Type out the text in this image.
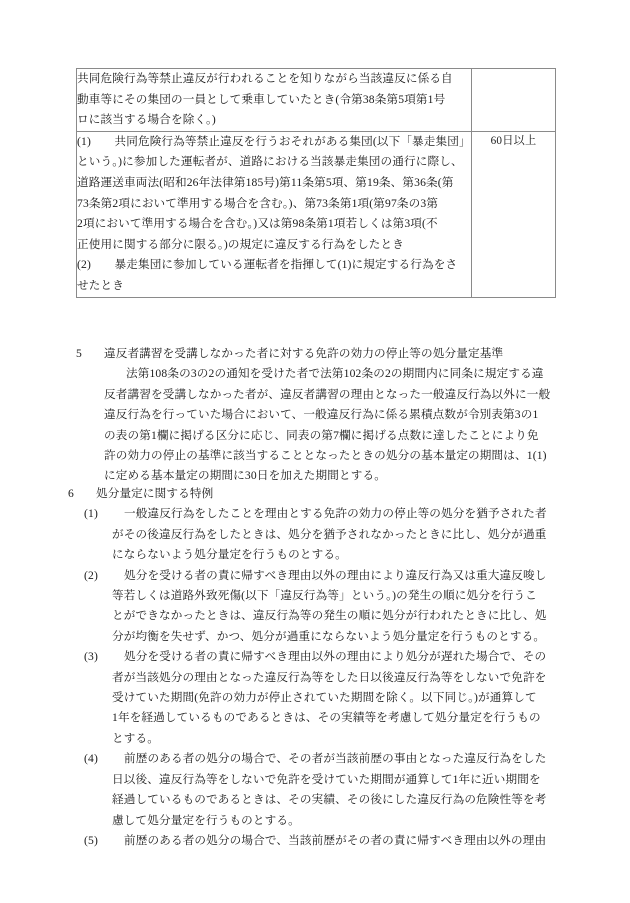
共同危険行為等禁止違反が行われることを知りながら当該違反に係る自
動車等にその集団の一員として乗車していたとき(令第38条第5項第1号
ロに該当する場合を除く。)	

(1)　　共同危険行為等禁止違反を行うおそれがある集団(以下「暴走集団」
という。)に参加した運転者が、道路における当該暴走集団の通行に際し、
道路運送車両法(昭和26年法律第185号)第11条第5項、第19条、第36条(第
73条第2項において準用する場合を含む。)、第73条第1項(第97条の3第
2項において準用する場合を含む。)又は第98条第1項若しくは第3項(不
正使用に関する部分に限る。)の規定に違反する行為をしたとき
(2)　　暴走集団に参加している運転者を指揮して(1)に規定する行為をさ
せたとき
	60日以上
5 違反者講習を受講しなかった者に対する免許の効力の停止等の処分量定基準
法第108条の3の2の通知を受けた者で法第102条の2の期間内に同条に規定する違
反者講習を受講しなかった者が、違反者講習の理由となった一般違反行為以外に一般
違反行為を行っていた場合において、一般違反行為に係る累積点数が令別表第3の1
の表の第1欄に掲げる区分に応じ、同表の第7欄に掲げる点数に達したことにより免
許の効力の停止の基準に該当することとなったときの処分の基本量定の期間は、1(1)
に定める基本量定の期間に30日を加えた期間とする。
6 処分量定に関する特例
(1) 一般違反行為をしたことを理由とする免許の効力の停止等の処分を猶予された者
がその後違反行為をしたときは、処分を猶予されなかったときに比し、処分が過重
にならないよう処分量定を行うものとする。
(2) 処分を受ける者の責に帰すべき理由以外の理由により違反行為又は重大違反唆し
等若しくは道路外致死傷(以下「違反行為等」という。)の発生の順に処分を行うこ
とができなかったときは、違反行為等の発生の順に処分が行われたときに比し、処
分が均衡を失せず、かつ、処分が過重にならないよう処分量定を行うものとする。
(3) 処分を受ける者の責に帰すべき理由以外の理由により処分が遅れた場合で、その
者が当該処分の理由となった違反行為等をした日以後違反行為等をしないで免許を
受けていた期間(免許の効力が停止されていた期間を除く。以下同じ。)が通算して
1年を経過しているものであるときは、その実績等を考慮して処分量定を行うもの
とする。
(4) 前歴のある者の処分の場合で、その者が当該前歴の事由となった違反行為をした
日以後、違反行為等をしないで免許を受けていた期間が通算して1年に近い期間を
経過しているものであるときは、その実績、その後にした違反行為の危険性等を考
慮して処分量定を行うものとする。
(5) 前歴のある者の処分の場合で、当該前歴がその者の責に帰すべき理由以外の理由
